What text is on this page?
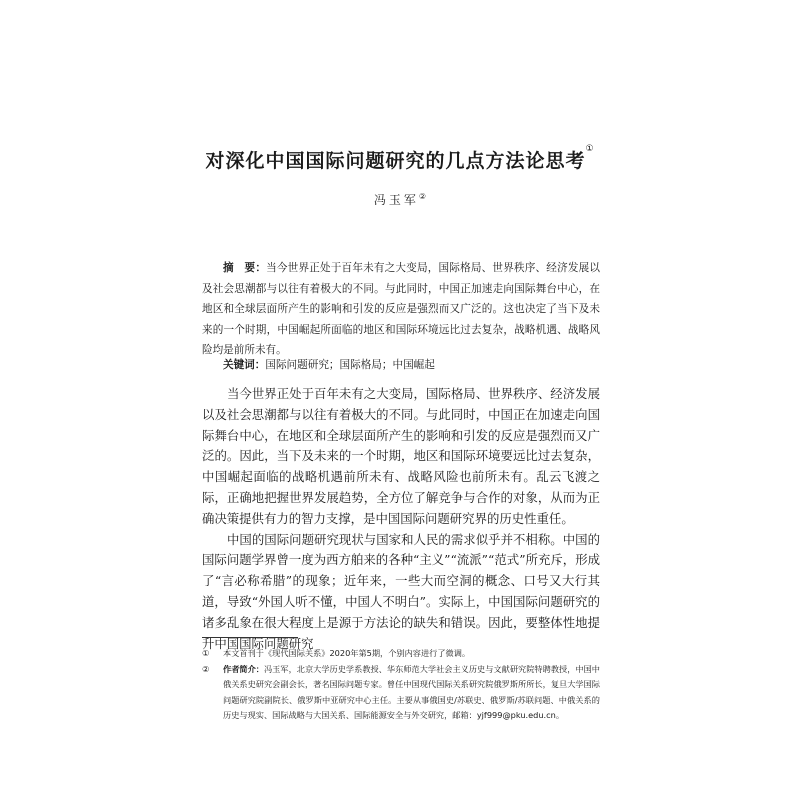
对深化中国国际问题研究的几点方法论思考①
冯玉军②
摘　要：当今世界正处于百年未有之大变局，国际格局、世界秩序、经济发展以及社会思潮都与以往有着极大的不同。与此同时，中国正加速走向国际舞台中心，在地区和全球层面所产生的影响和引发的反应是强烈而又广泛的。这也决定了当下及未来的一个时期，中国崛起所面临的地区和国际环境远比过去复杂，战略机遇、战略风险均是前所未有。
关键词：国际问题研究；国际格局；中国崛起

当今世界正处于百年未有之大变局，国际格局、世界秩序、经济发展以及社会思潮都与以往有着极大的不同。与此同时，中国正在加速走向国际舞台中心，在地区和全球层面所产生的影响和引发的反应是强烈而又广泛的。因此，当下及未来的一个时期，地区和国际环境要远比过去复杂，中国崛起面临的战略机遇前所未有、战略风险也前所未有。乱云飞渡之际，正确地把握世界发展趋势，全方位了解竞争与合作的对象，从而为正确决策提供有力的智力支撑，是中国国际问题研究界的历史性重任。

中国的国际问题研究现状与国家和人民的需求似乎并不相称。中国的国际问题学界曾一度为西方舶来的各种“主义”“流派”“范式”所充斥，形成了“言必称希腊”的现象；近年来，一些大而空洞的概念、口号又大行其道，导致“外国人听不懂，中国人不明白”。实际上，中国国际问题研究的诸多乱象在很大程度上是源于方法论的缺失和错误。因此，要整体性地提升中国国际问题研究

① 本文首刊于《现代国际关系》2020年第5期，个别内容进行了微调。

② 作者简介：冯玉军，北京大学历史学系教授、华东师范大学社会主义历史与文献研究院特聘教授，中国中俄关系史研究会副会长，著名国际问题专家。曾任中国现代国际关系研究院俄罗斯所所长，复旦大学国际问题研究院副院长、俄罗斯中亚研究中心主任。主要从事俄国史/苏联史、俄罗斯/苏联问题、中俄关系的历史与现实、国际战略与大国关系、国际能源安全与外交研究，邮箱：yjf999@pku.edu.cn。
